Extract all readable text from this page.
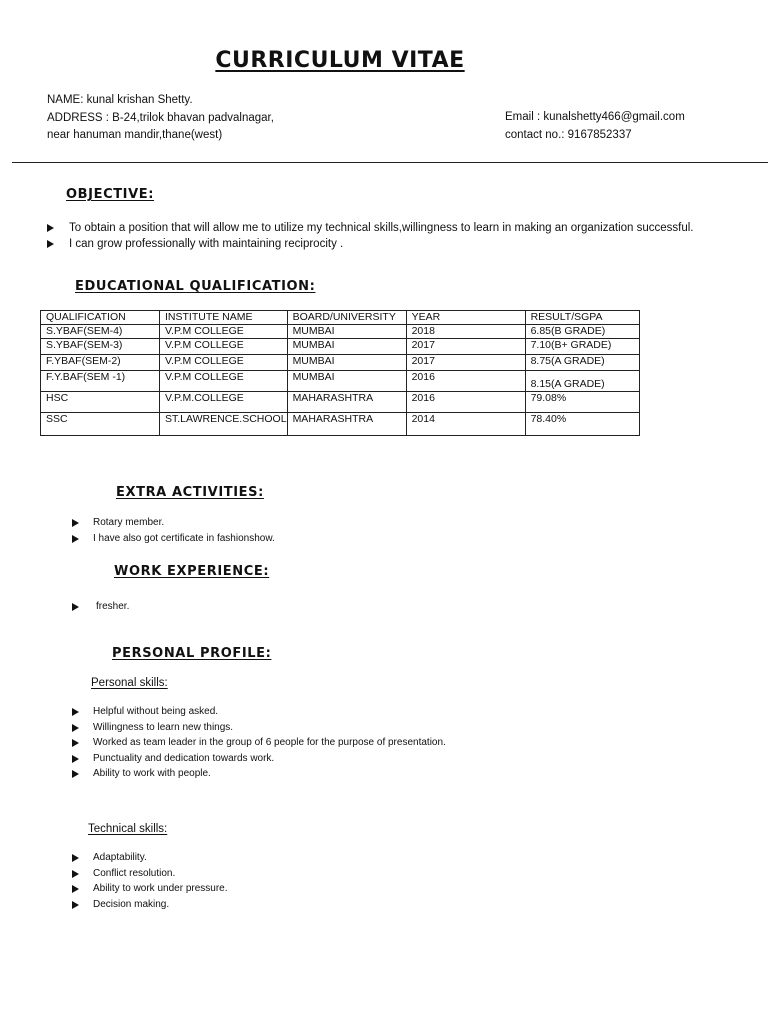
CURRICULUM VITAE
NAME: kunal krishan Shetty.
ADDRESS : B-24,trilok bhavan padvalnagar,
near hanuman mandir,thane(west)
Email : kunalshetty466@gmail.com
contact no.: 9167852337
OBJECTIVE:
To obtain a position that will allow me to utilize my technical skills,willingness to learn in making an organization successful.
I can grow professionally with maintaining reciprocity .
EDUCATIONAL QUALIFICATION:
QUALIFICATION	INSTITUTE NAME	BOARD/UNIVERSITY	YEAR	RESULT/SGPA
S.YBAF(SEM-4)	V.P.M COLLEGE	MUMBAI	2018	6.85(B GRADE)
S.YBAF(SEM-3)	V.P.M COLLEGE	MUMBAI	2017	7.10(B+ GRADE)
F.YBAF(SEM-2)	V.P.M COLLEGE	MUMBAI	2017	8.75(A GRADE)
F.Y.BAF(SEM -1)	V.P.M COLLEGE	MUMBAI	2016	8.15(A GRADE)
HSC	V.P.M.COLLEGE	MAHARASHTRA	2016	79.08%
SSC	ST.LAWRENCE.SCHOOL	MAHARASHTRA	2014	78.40%
EXTRA ACTIVITIES:
Rotary member.
I have also got certificate in fashionshow.
WORK EXPERIENCE:
fresher.
PERSONAL PROFILE:
Personal skills:
Helpful without being asked.
Willingness to learn new things.
Worked as team leader in the group of 6 people for the purpose of presentation.
Punctuality and dedication towards work.
Ability to work with people.
Technical skills:
Adaptability.
Conflict resolution.
Ability to work under pressure.
Decision making.
